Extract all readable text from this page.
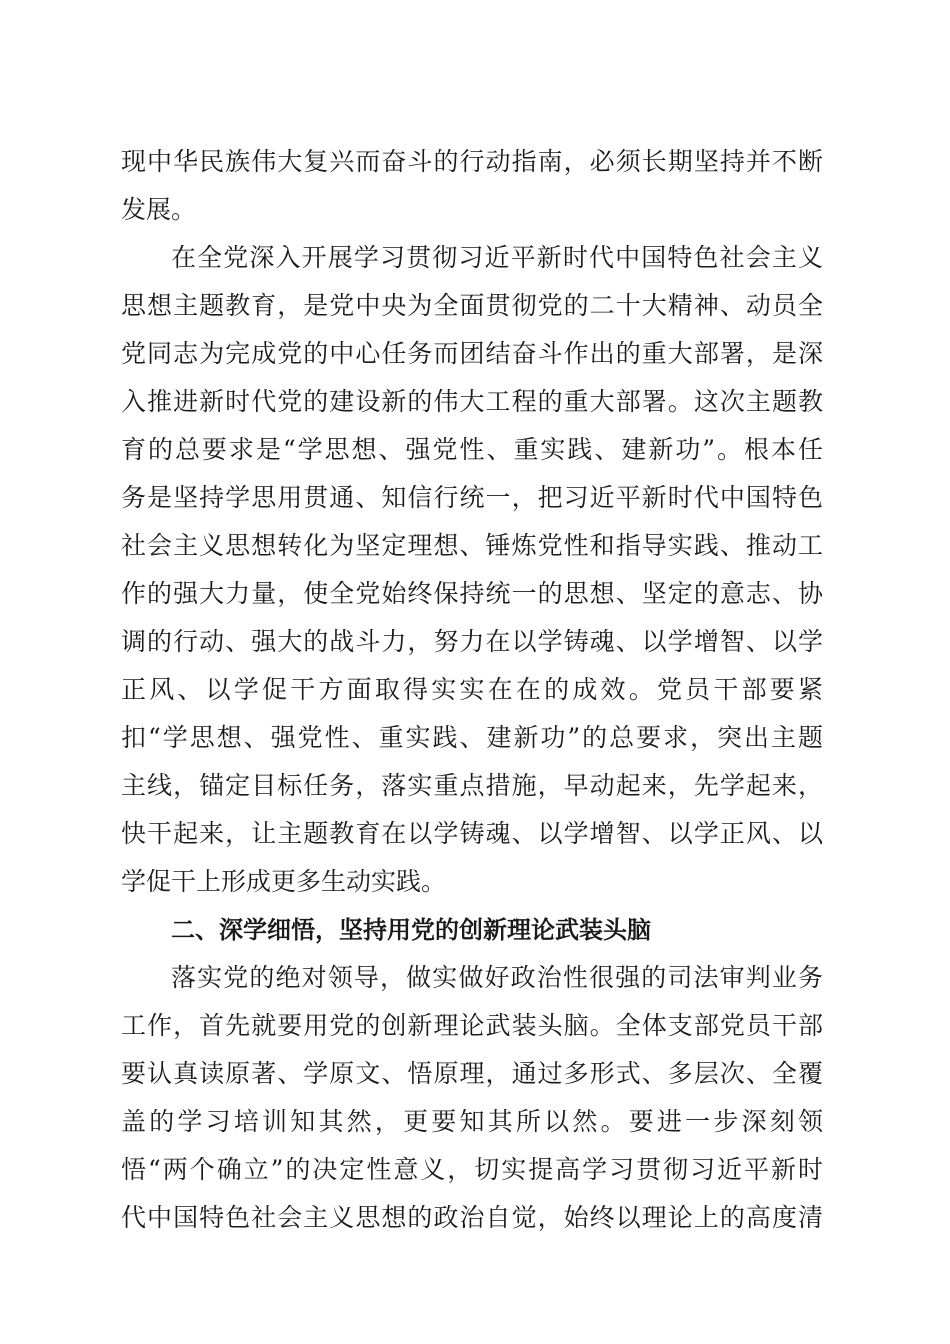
现中华民族伟大复兴而奋斗的行动指南，必须长期坚持并不断
发展。
在全党深入开展学习贯彻习近平新时代中国特色社会主义
思想主题教育，是党中央为全面贯彻党的二十大精神、动员全
党同志为完成党的中心任务而团结奋斗作出的重大部署，是深
入推进新时代党的建设新的伟大工程的重大部署。这次主题教
育的总要求是“学思想、强党性、重实践、建新功”。根本任
务是坚持学思用贯通、知信行统一，把习近平新时代中国特色
社会主义思想转化为坚定理想、锤炼党性和指导实践、推动工
作的强大力量，使全党始终保持统一的思想、坚定的意志、协
调的行动、强大的战斗力，努力在以学铸魂、以学增智、以学
正风、以学促干方面取得实实在在的成效。党员干部要紧
扣“学思想、强党性、重实践、建新功”的总要求，突出主题
主线，锚定目标任务，落实重点措施，早动起来，先学起来，
快干起来，让主题教育在以学铸魂、以学增智、以学正风、以
学促干上形成更多生动实践。
二、深学细悟，坚持用党的创新理论武装头脑
落实党的绝对领导，做实做好政治性很强的司法审判业务
工作，首先就要用党的创新理论武装头脑。全体支部党员干部
要认真读原著、学原文、悟原理，通过多形式、多层次、全覆
盖的学习培训知其然，更要知其所以然。要进一步深刻领
悟“两个确立”的决定性意义，切实提高学习贯彻习近平新时
代中国特色社会主义思想的政治自觉，始终以理论上的高度清
